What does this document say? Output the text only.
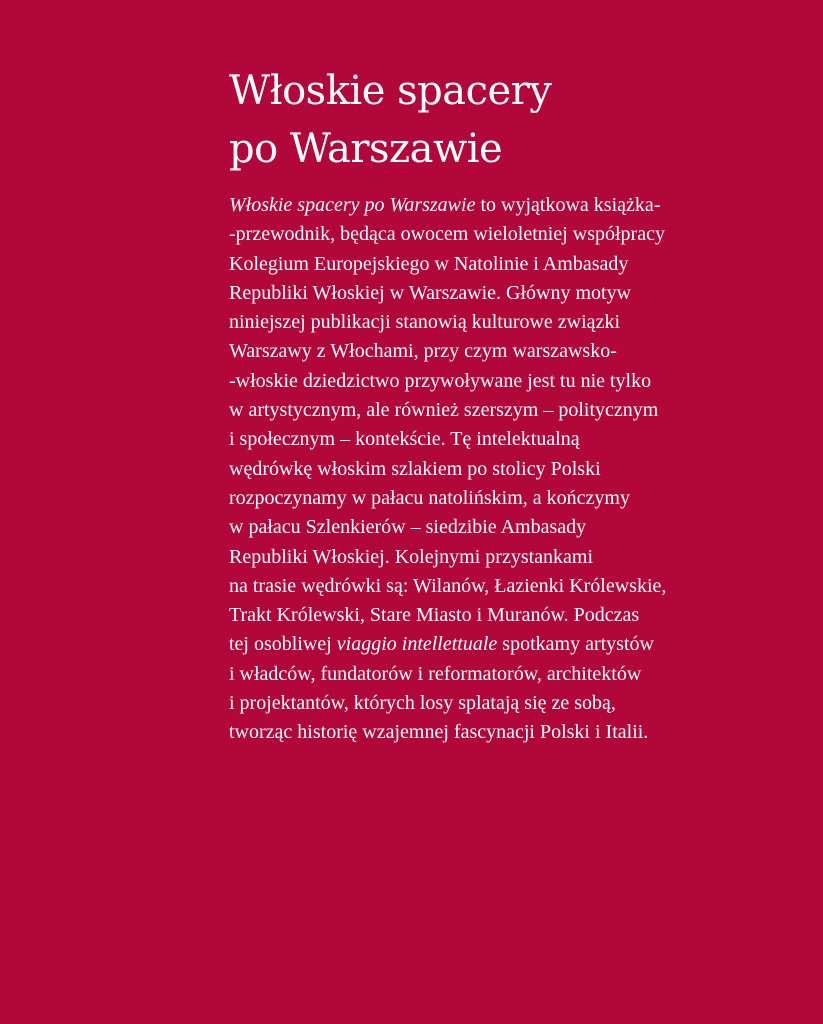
Włoskie spacery
po Warszawie
Włoskie spacery po Warszawie to wyjątkowa książka-
-przewodnik, będąca owocem wieloletniej współpracy
Kolegium Europejskiego w Natolinie i Ambasady
Republiki Włoskiej w Warszawie. Główny motyw
niniejszej publikacji stanowią kulturowe związki
Warszawy z Włochami, przy czym warszawsko-
-włoskie dziedzictwo przywoływane jest tu nie tylko
w artystycznym, ale również szerszym – politycznym
i społecznym – kontekście. Tę intelektualną
wędrówkę włoskim szlakiem po stolicy Polski
rozpoczynamy w pałacu natolińskim, a kończymy
w pałacu Szlenkierów – siedzibie Ambasady
Republiki Włoskiej. Kolejnymi przystankami
na trasie wędrówki są: Wilanów, Łazienki Królewskie,
Trakt Królewski, Stare Miasto i Muranów. Podczas
tej osobliwej viaggio intellettuale spotkamy artystów
i władców, fundatorów i reformatorów, architektów
i projektantów, których losy splatają się ze sobą,
tworząc historię wzajemnej fascynacji Polski i Italii.
